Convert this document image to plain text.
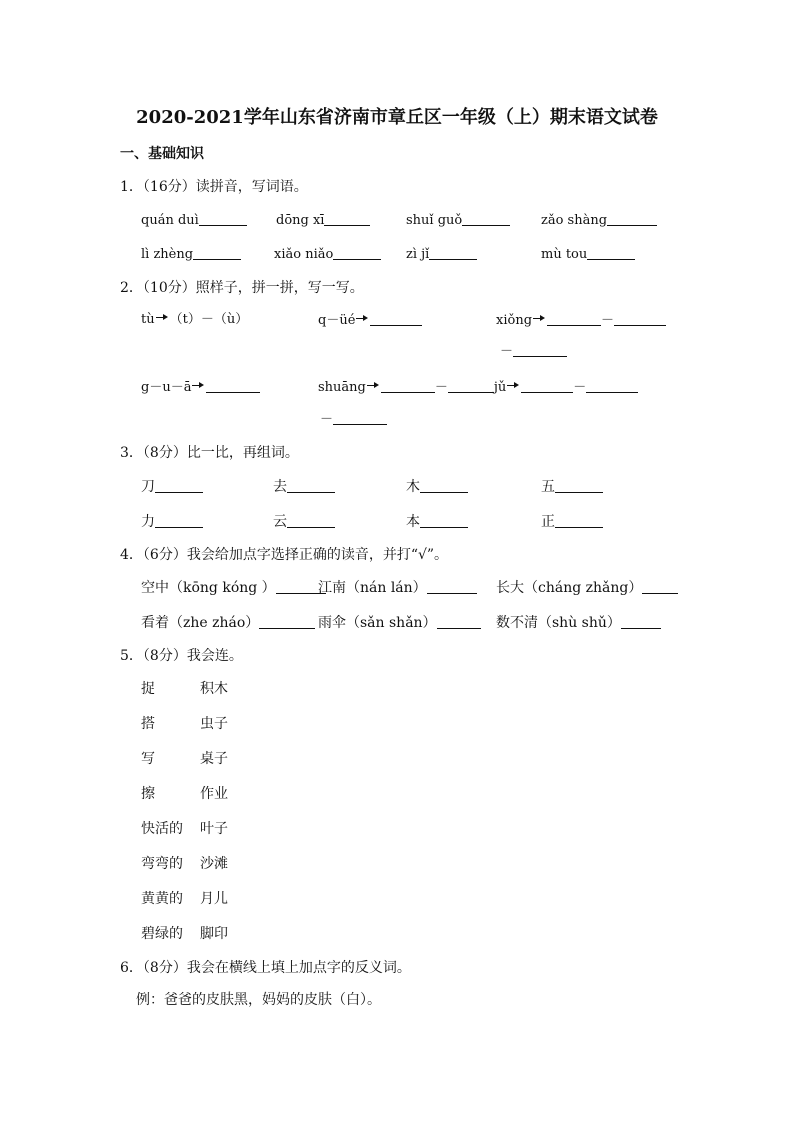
2020-2021学年山东省济南市章丘区一年级（上）期末语文试卷
一、基础知识
1．（16分）读拼音，写词语。
quán duì	dōng xī	shuǐ guǒ	zǎo shàng
lì zhèng	xiǎo niǎo	zì jǐ	mù tou
2．（10分）照样子，拼一拼，写一写。
tù （t）－（ù）	q－üé	xiǒng	－
－
g－u－ā	shuāng	－	jǔ	－
－
3．（8分）比一比，再组词。
刀	去	木	五
力	云	本	正
4．（6分）我会给加点字选择正确的读音，并打“√”。
空中（kōng kóng ）	江南（nán lán）	长大（cháng zhǎng）
看着（zhe zháo）	雨伞（sǎn shǎn）	数不清（shù shǔ）
5．（8分）我会连。
捉	积木
搭	虫子
写	桌子
擦	作业
快活的 叶子
弯弯的 沙滩
黄黄的 月儿
碧绿的 脚印
6．（8分）我会在横线上填上加点字的反义词。
例：爸爸的皮肤黑，妈妈的皮肤（白）。
